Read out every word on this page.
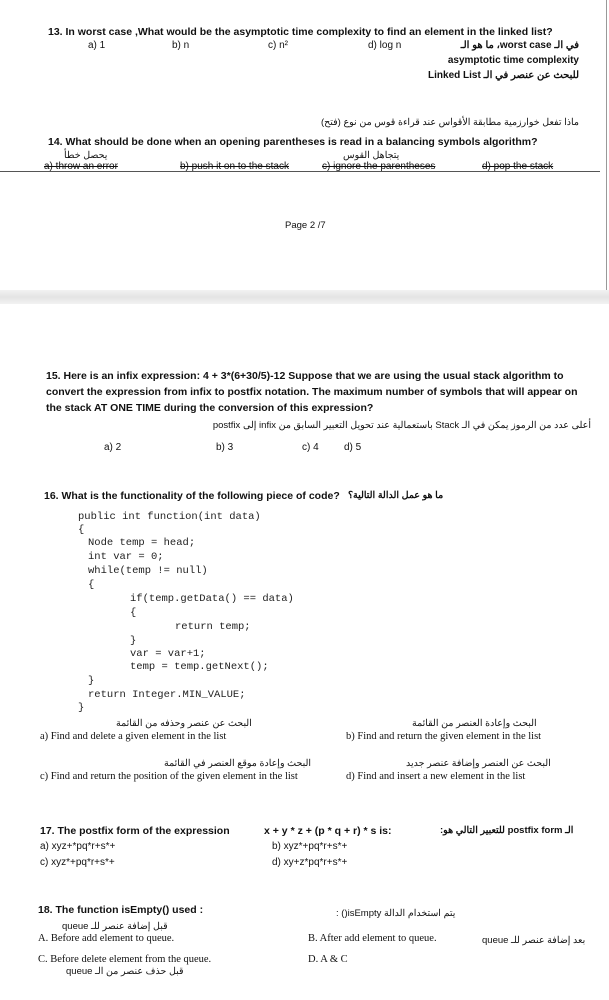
13. In worst case ,What would be the asymptotic time complexity to find an element in the linked list?
a) 1	b) n	c) n²	d) log n	في الـ worst case، ما هو الـ
asymptotic time complexity
للبحث عن عنصر في الـ Linked List
ماذا تفعل خوارزمية مطابقة الأقواس عند قراءة قوس من نوع (فتح)
14. What should be done when an opening parentheses is read in a balancing symbols algorithm?
يحصل خطأ	يتجاهل القوس
a) throw an error	b) push it on to the stack	c) ignore the parentheses	d) pop the stack
Page 2 /7
15. Here is an infix expression: 4 + 3*(6+30/5)-12 Suppose that we are using the usual stack algorithm to
convert the expression from infix to postfix notation. The maximum number of symbols that will appear on
the stack AT ONE TIME during the conversion of this expression?
أعلى عدد من الرموز يمكن في الـ Stack باستعمالية عند تحويل التعبير السابق من infix إلى postfix
a) 2	b) 3	c) 4	d) 5
16. What is the functionality of the following piece of code? ما هو عمل الدالة التالية؟
public int function(int data)
{
Node temp = head;
int var = 0;
while(temp != null)
{
if(temp.getData() == data)
{
return temp;
}
var = var+1;
temp = temp.getNext();
}
return Integer.MIN_VALUE;
}
البحث عن عنصر وحذفه من القائمة	البحث وإعادة العنصر من القائمة
a) Find and delete a given element in the list	b) Find and return the given element in the list
البحث وإعادة موقع العنصر في القائمة	البحث عن العنصر وإضافة عنصر جديد
c) Find and return the position of the given element in the list	d) Find and insert a new element in the list
17. The postfix form of the expression	x + y * z + (p * q + r) * s is:	الـ postfix form للتعبير التالي هو:
a) xyz+*pq*r+s*+	b) xyz*+pq*r+s*+
c) xyz*+pq*r+s*+	d) xy+z*pq*r+s*+
18. The function isEmpty() used :	يتم استخدام الدالة isEmpty() :
قبل إضافة عنصر للـ queue
A. Before add element to queue.	B. After add element to queue.	بعد إضافة عنصر للـ queue
C. Before delete element from the queue.	D. A & C
قبل حذف عنصر من الـ queue
